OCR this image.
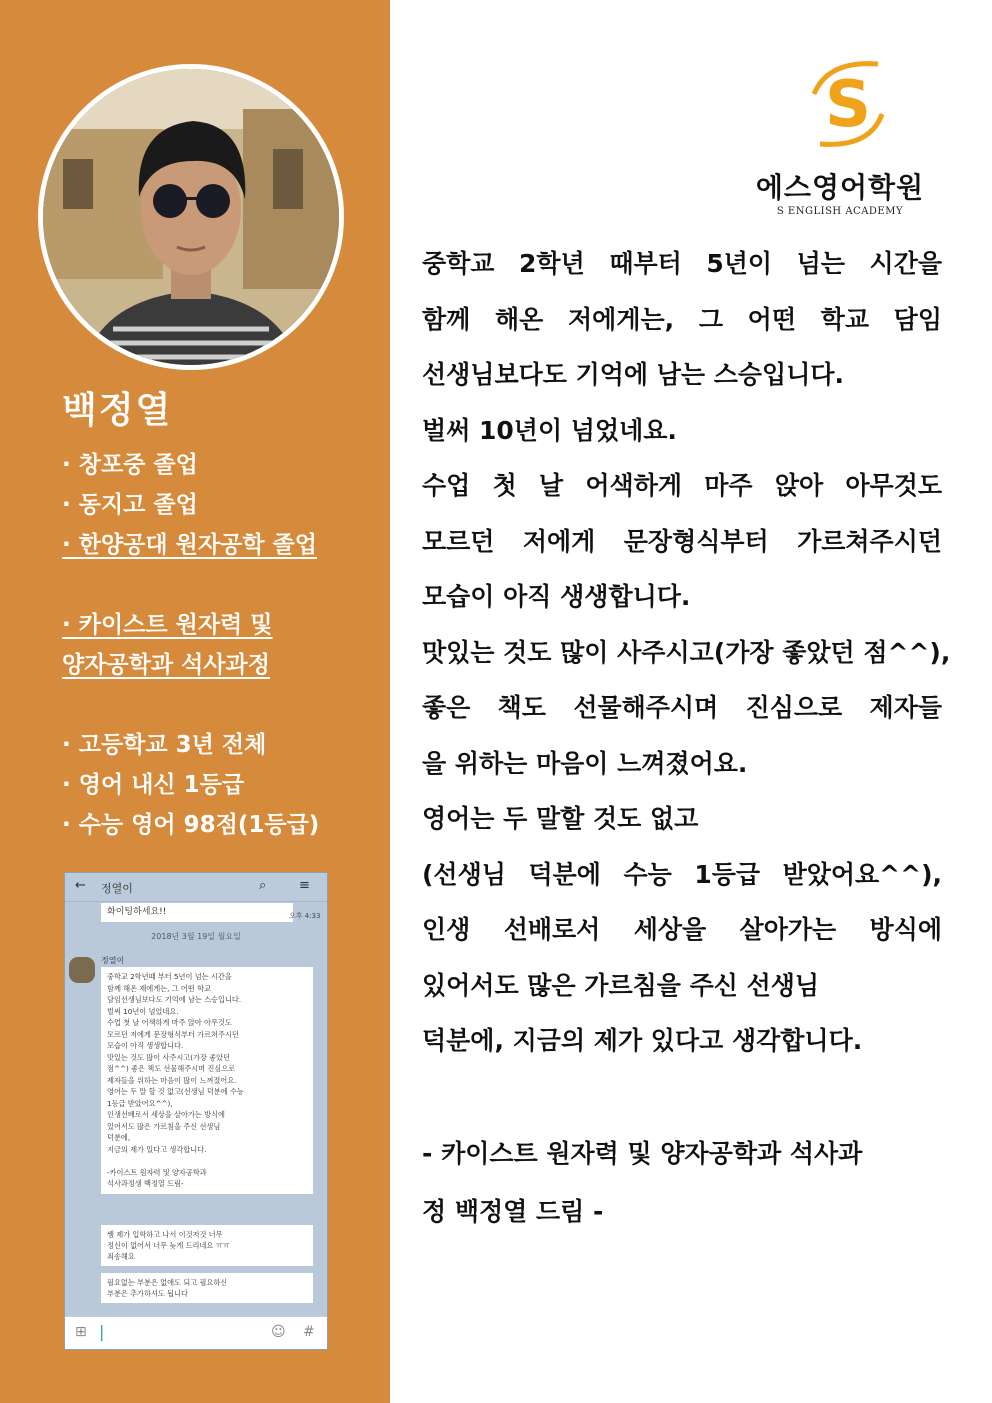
백정열
· 창포중 졸업
· 동지고 졸업
· 한양공대 원자공학 졸업
· 카이스트 원자력 및
양자공학과 석사과정
· 고등학교 3년 전체
· 영어 내신 1등급
· 수능 영어 98점(1등급)
← 정열이	⌕	≡
화이팅하세요!!	오후 4:33
2018년 3월 19일 월요일
정열이
중학교 2학년때 부터 5년이 넘는 시간을
함께 해온 제에게는, 그 어떤 학교
담임선생님보다도 기억에 남는 스승입니다.
벌써 10년이 넘었네요.
수업 첫 날 어색하게 마주 앉아 아무것도
모르던 저에게 문장형식부터 가르쳐주시던
모습이 아직 생생합니다.
맛있는 것도 많이 사주시고(가장 좋았던
점^^) 좋은 책도 선물해주시며 진심으로
제자들을 위하는 마음이 많이 느껴졌어요.
영어는 두 말 할 것 없고(선생님 덕분에 수능
1등급 받았어요^^),
인생선배로서 세상을 살아가는 방식에
있어서도 많은 가르침을 주신 선생님
덕분에,
지금의 제가 있다고 생각합니다.

-카이스트 원자력 및 양자공학과
석사과정생 백정열 드림-
쌤 제가 입학하고 나서 이것저것 너무
정신이 없어서 너무 늦게 드리네요 ㅠㅠ
죄송해요
필요없는 부분은 없애도 되고 필요하신
부분은 추가하셔도 됩니다
⊞ |	☺ #
S
에스영어학원
S ENGLISH ACADEMY

중학교 2학년 때부터 5년이 넘는 시간을

함께 해온 저에게는, 그 어떤 학교 담임

선생님보다도 기억에 남는 스승입니다.

벌써 10년이 넘었네요.

수업 첫 날 어색하게 마주 앉아 아무것도

모르던 저에게 문장형식부터 가르쳐주시던

모습이 아직 생생합니다.

맛있는 것도 많이 사주시고(가장 좋았던 점^^),

좋은 책도 선물해주시며 진심으로 제자들

을 위하는 마음이 느껴졌어요.

영어는 두 말할 것도 없고

(선생님 덕분에 수능 1등급 받았어요^^),

인생 선배로서 세상을 살아가는 방식에

있어서도 많은 가르침을 주신 선생님

덕분에, 지금의 제가 있다고 생각합니다.

- 카이스트 원자력 및 양자공학과 석사과

정 백정열 드림 -
